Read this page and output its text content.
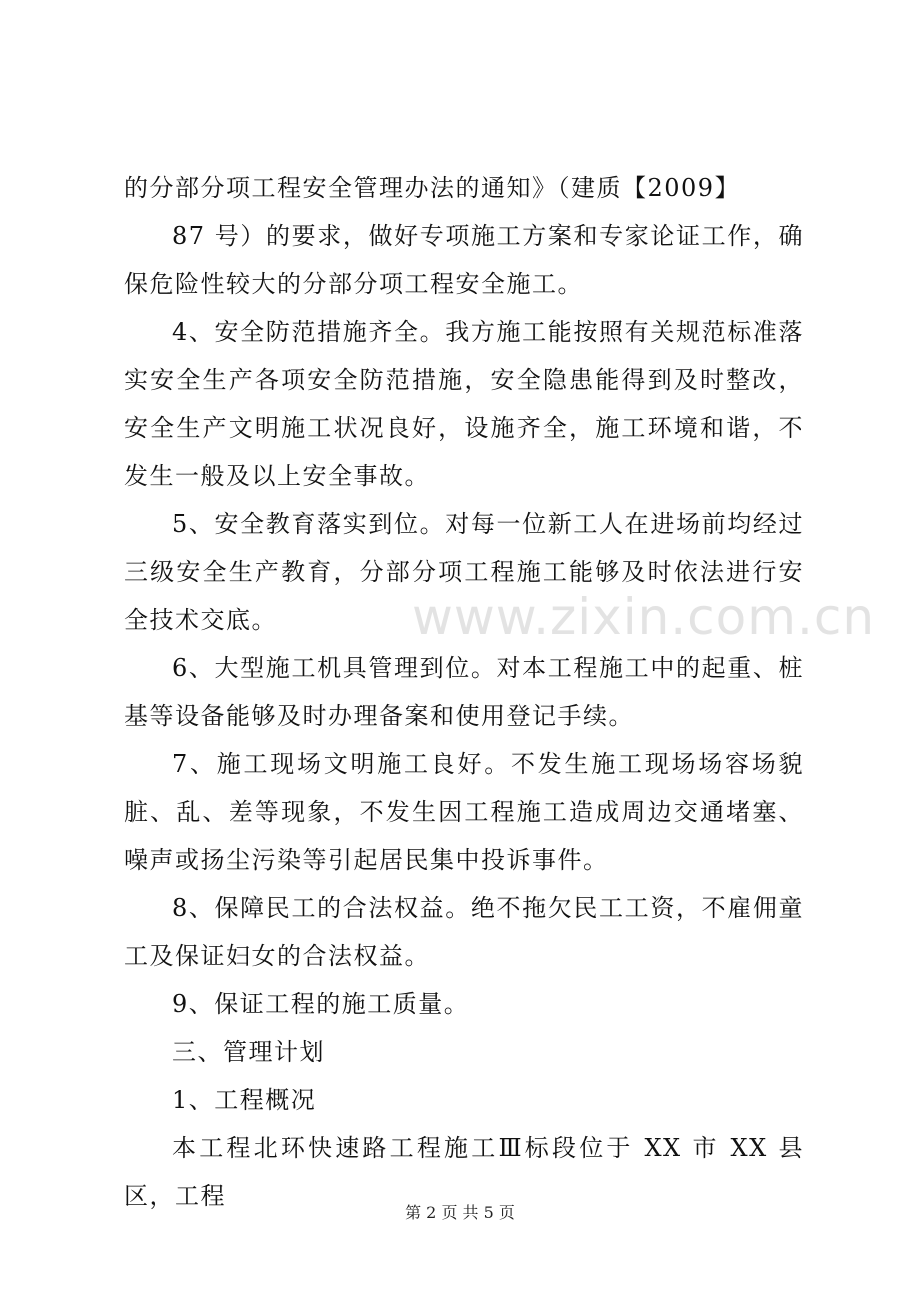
www.zixin.com.cn

的分部分项工程安全管理办法的通知》（建质【2009】

87 号）的要求，做好专项施工方案和专家论证工作，确保危险性较大的分部分项工程安全施工。

4、安全防范措施齐全。我方施工能按照有关规范标准落实安全生产各项安全防范措施，安全隐患能得到及时整改，安全生产文明施工状况良好，设施齐全，施工环境和谐，不发生一般及以上安全事故。

5、安全教育落实到位。对每一位新工人在进场前均经过三级安全生产教育，分部分项工程施工能够及时依法进行安全技术交底。

6、大型施工机具管理到位。对本工程施工中的起重、桩基等设备能够及时办理备案和使用登记手续。

7、施工现场文明施工良好。不发生施工现场场容场貌脏、乱、差等现象，不发生因工程施工造成周边交通堵塞、噪声或扬尘污染等引起居民集中投诉事件。

8、保障民工的合法权益。绝不拖欠民工工资，不雇佣童工及保证妇女的合法权益。

9、保证工程的施工质量。

三、管理计划

1、工程概况

本工程北环快速路工程施工Ⅲ标段位于 XX 市 XX 县区，工程

第 2 页 共 5 页
